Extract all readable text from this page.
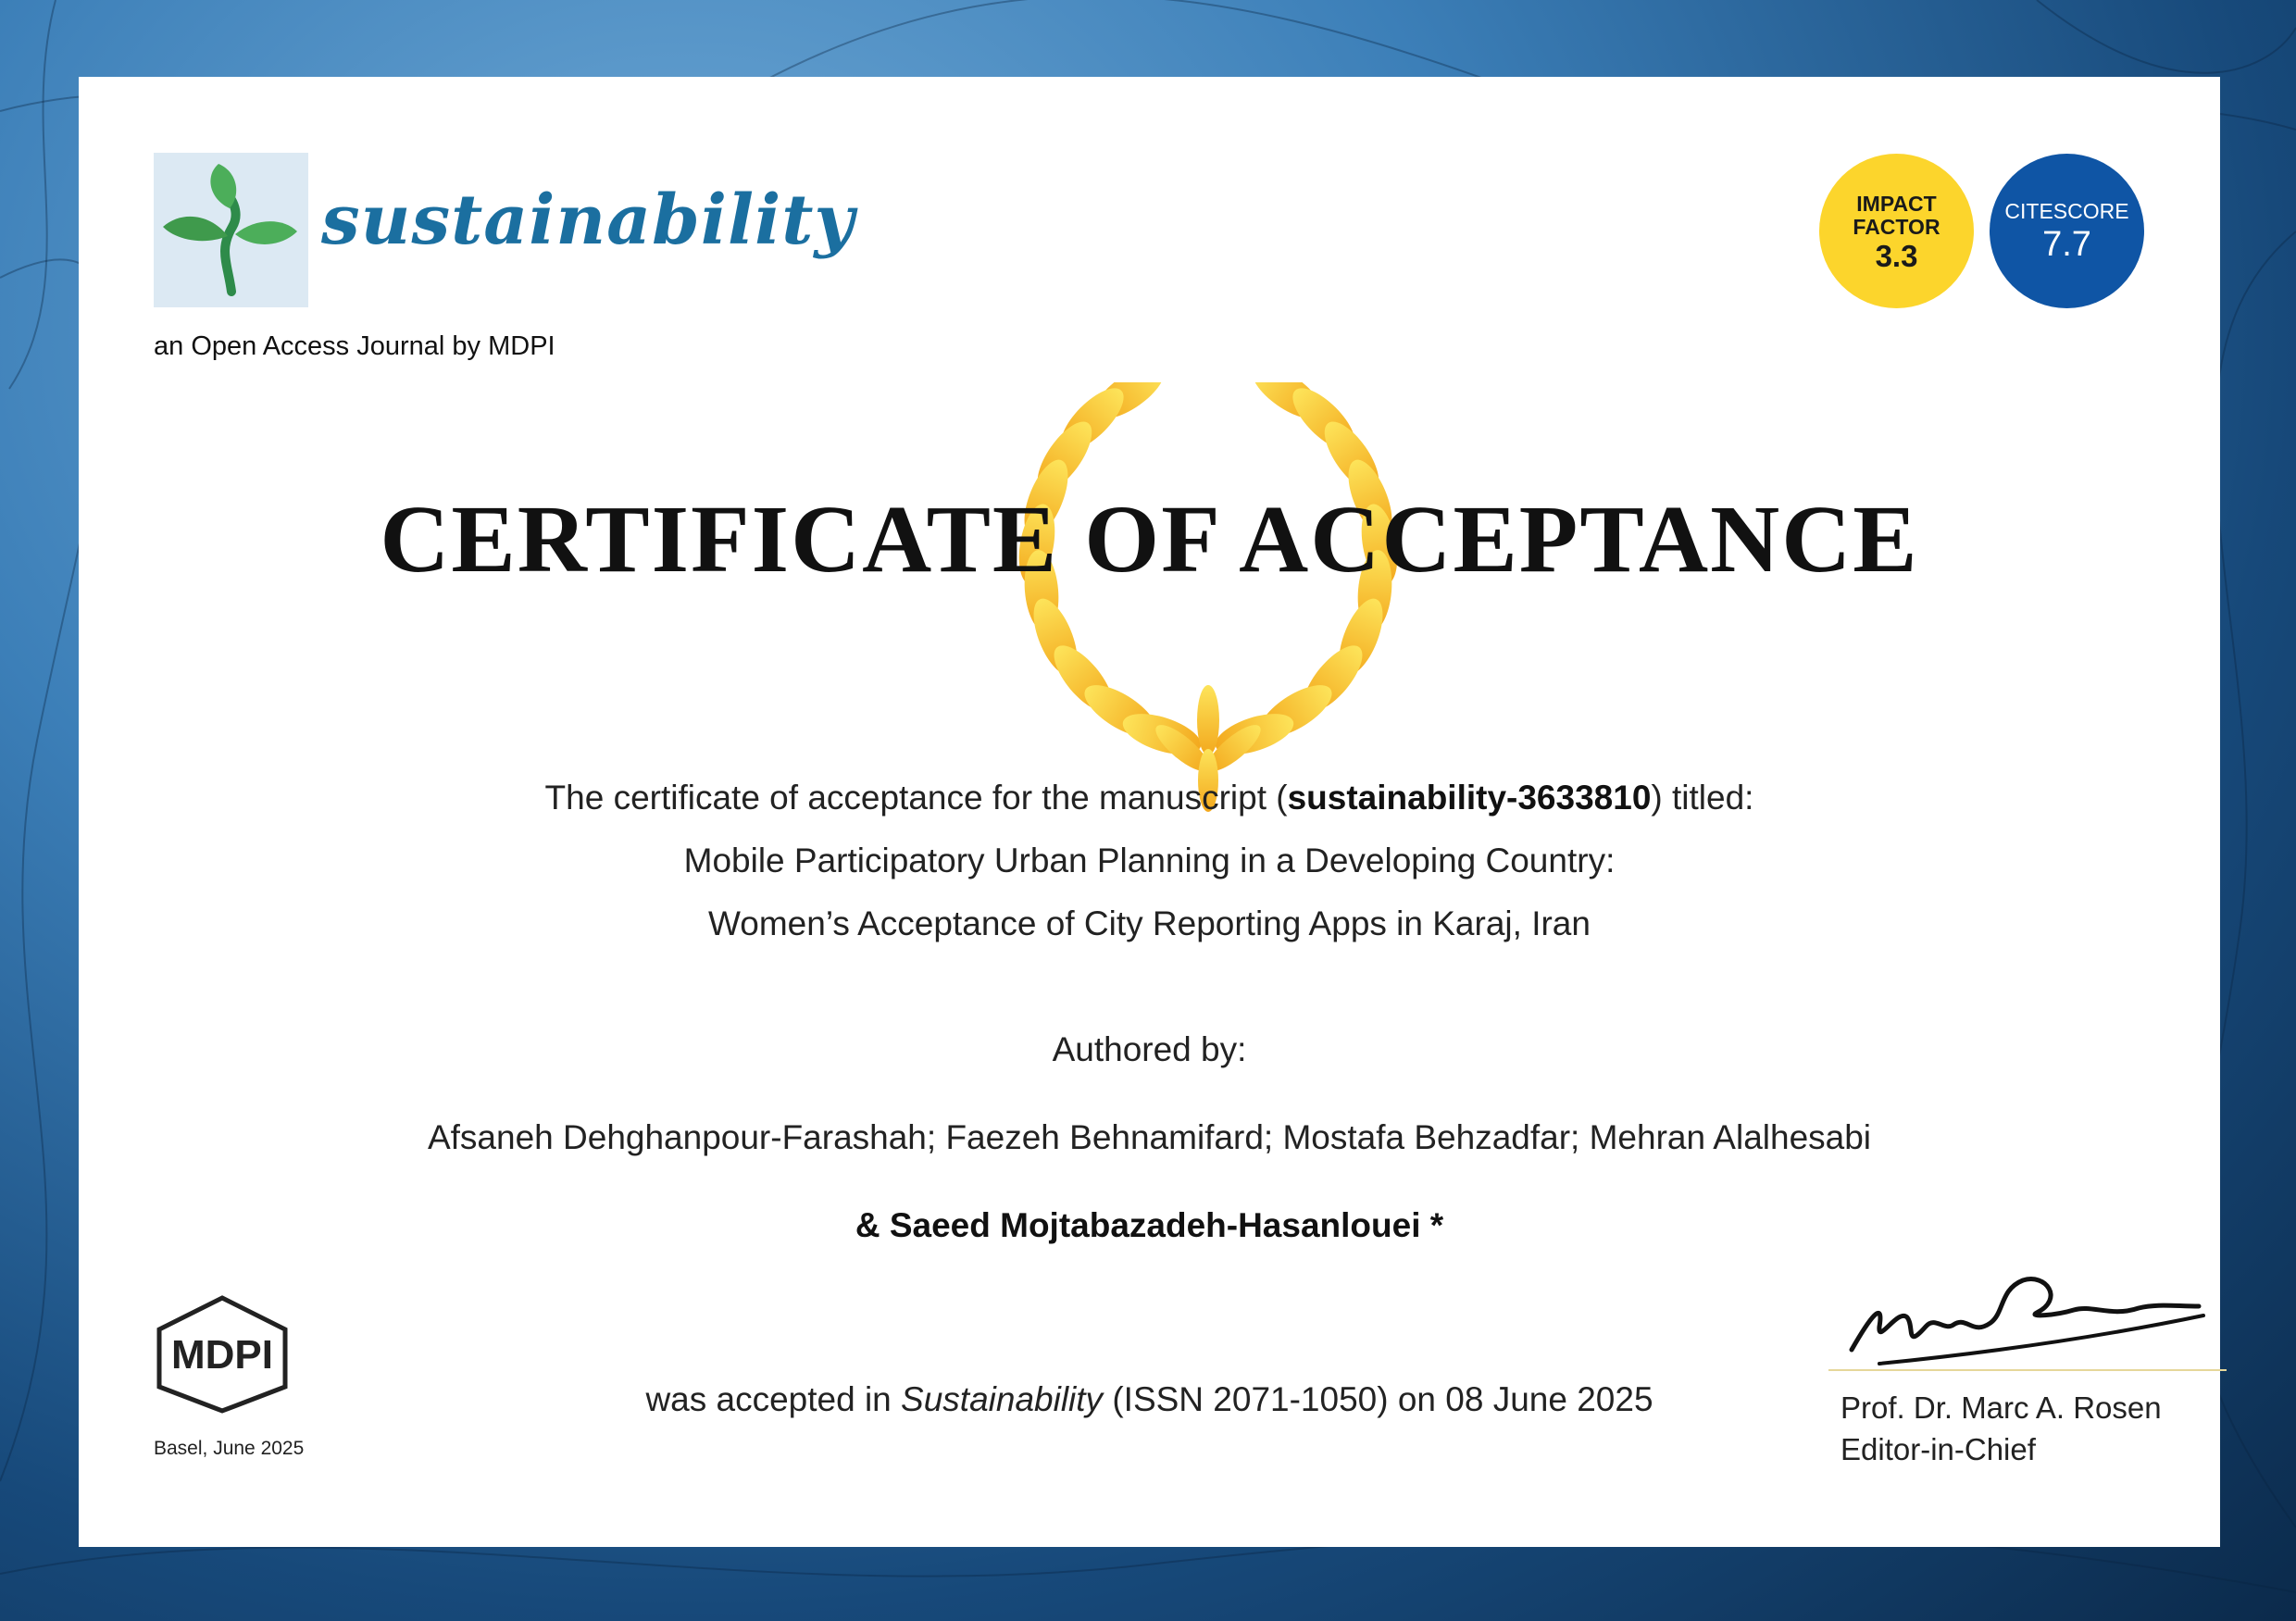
sustainability
an Open Access Journal by MDPI
IMPACT
FACTOR
3.3
CITESCORE
7.7
CERTIFICATE OF ACCEPTANCE
The certificate of acceptance for the manuscript (sustainability-3633810) titled:
Mobile Participatory Urban Planning in a Developing Country:
Women’s Acceptance of City Reporting Apps in Karaj, Iran
Authored by:
Afsaneh Dehghanpour-Farashah; Faezeh Behnamifard; Mostafa Behzadfar; Mehran Alalhesabi
& Saeed Mojtabazadeh-Hasanlouei *
was accepted in Sustainability (ISSN 2071-1050) on 08 June 2025
MDPI
Basel, June 2025
Prof. Dr. Marc A. Rosen
Editor-in-Chief
